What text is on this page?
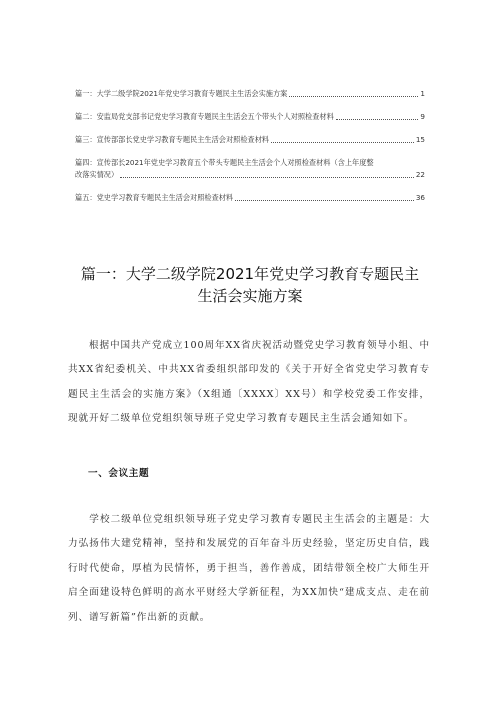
篇一：大学二级学院2021年党史学习教育专题民主生活会实施方案	1
篇二：安监局党支部书记党史学习教育专题民主生活会五个带头个人对照检查材料	9
篇三：宣传部部长党史学习教育专题民主生活会对照检查材料	15
篇四：宣传部长2021年党史学习教育五个带头专题民主生活会个人对照检查材料（含上年度整
改落实情况）	22
篇五：党史学习教育专题民主生活会对照检查材料	36
篇一：大学二级学院2021年党史学习教育专题民主
生活会实施方案
　　根据中国共产党成立100周年XX省庆祝活动暨党史学习教育领导小组、中共XX省纪委机关、中共XX省委组织部印发的《关于开好全省党史学习教育专题民主生活会的实施方案》（X组通〔XXXX〕XX号）和学校党委工作安排，现就开好二级单位党组织领导班子党史学习教育专题民主生活会通知如下。
一、会议主题
　　学校二级单位党组织领导班子党史学习教育专题民主生活会的主题是：大力弘扬伟大建党精神，坚持和发展党的百年奋斗历史经验，坚定历史自信，践行时代使命，厚植为民情怀，勇于担当，善作善成，团结带领全校广大师生开启全面建设特色鲜明的高水平财经大学新征程，为XX加快“建成支点、走在前列、谱写新篇”作出新的贡献。
